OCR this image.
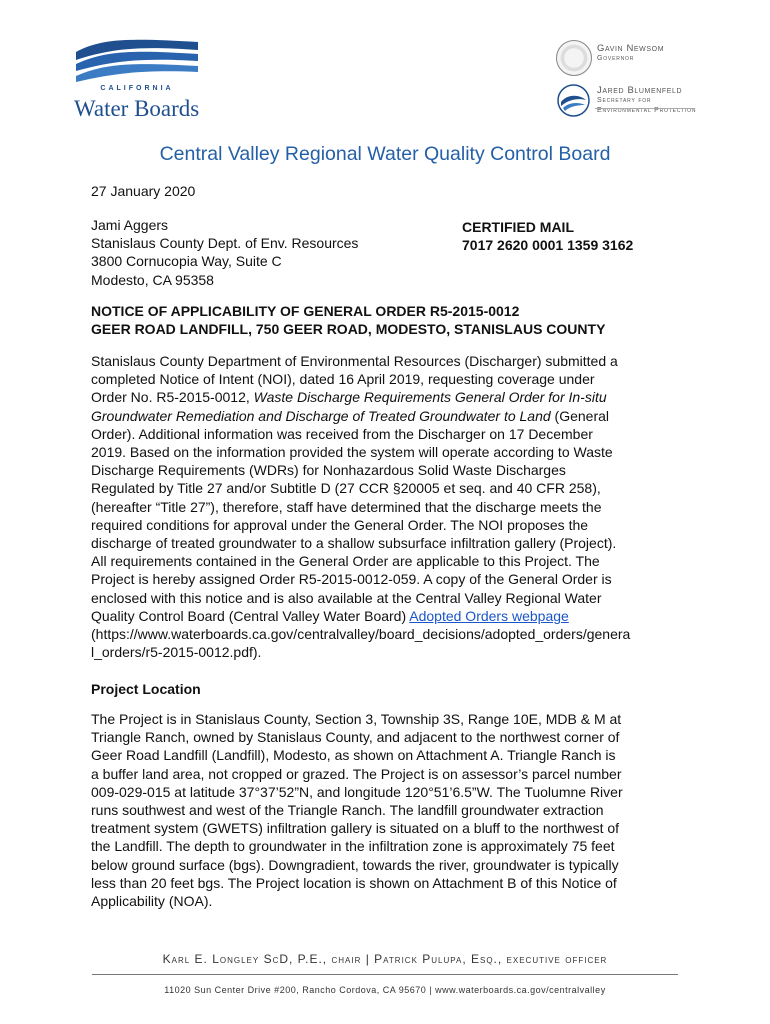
CALIFORNIA
Water Boards
Gavin Newsom
Governor
Jared Blumenfeld
Secretary for
Environmental Protection
Central Valley Regional Water Quality Control Board
27 January 2020
Jami Aggers
Stanislaus County Dept. of Env. Resources
3800 Cornucopia Way, Suite C
Modesto, CA 95358
CERTIFIED MAIL
7017 2620 0001 1359 3162
NOTICE OF APPLICABILITY OF GENERAL ORDER R5-2015-0012
GEER ROAD LANDFILL, 750 GEER ROAD, MODESTO, STANISLAUS COUNTY
Stanislaus County Department of Environmental Resources (Discharger) submitted a
completed Notice of Intent (NOI), dated 16 April 2019, requesting coverage under
Order No. R5-2015-0012, Waste Discharge Requirements General Order for In-situ
Groundwater Remediation and Discharge of Treated Groundwater to Land (General
Order). Additional information was received from the Discharger on 17 December
2019. Based on the information provided the system will operate according to Waste
Discharge Requirements (WDRs) for Nonhazardous Solid Waste Discharges
Regulated by Title 27 and/or Subtitle D (27 CCR §20005 et seq. and 40 CFR 258),
(hereafter “Title 27”), therefore, staff have determined that the discharge meets the
required conditions for approval under the General Order. The NOI proposes the
discharge of treated groundwater to a shallow subsurface infiltration gallery (Project).
All requirements contained in the General Order are applicable to this Project. The
Project is hereby assigned Order R5-2015-0012-059. A copy of the General Order is
enclosed with this notice and is also available at the Central Valley Regional Water
Quality Control Board (Central Valley Water Board) Adopted Orders webpage
(https://www.waterboards.ca.gov/centralvalley/board_decisions/adopted_orders/genera
l_orders/r5-2015-0012.pdf).
Project Location
The Project is in Stanislaus County, Section 3, Township 3S, Range 10E, MDB & M at
Triangle Ranch, owned by Stanislaus County, and adjacent to the northwest corner of
Geer Road Landfill (Landfill), Modesto, as shown on Attachment A. Triangle Ranch is
a buffer land area, not cropped or grazed. The Project is on assessor’s parcel number
009-029-015 at latitude 37°37’52”N, and longitude 120°51’6.5”W. The Tuolumne River
runs southwest and west of the Triangle Ranch. The landfill groundwater extraction
treatment system (GWETS) infiltration gallery is situated on a bluff to the northwest of
the Landfill. The depth to groundwater in the infiltration zone is approximately 75 feet
below ground surface (bgs). Downgradient, towards the river, groundwater is typically
less than 20 feet bgs. The Project location is shown on Attachment B of this Notice of
Applicability (NOA).
Karl E. Longley ScD, P.E., chair | Patrick Pulupa, Esq., executive officer
11020 Sun Center Drive #200, Rancho Cordova, CA 95670 | www.waterboards.ca.gov/centralvalley
